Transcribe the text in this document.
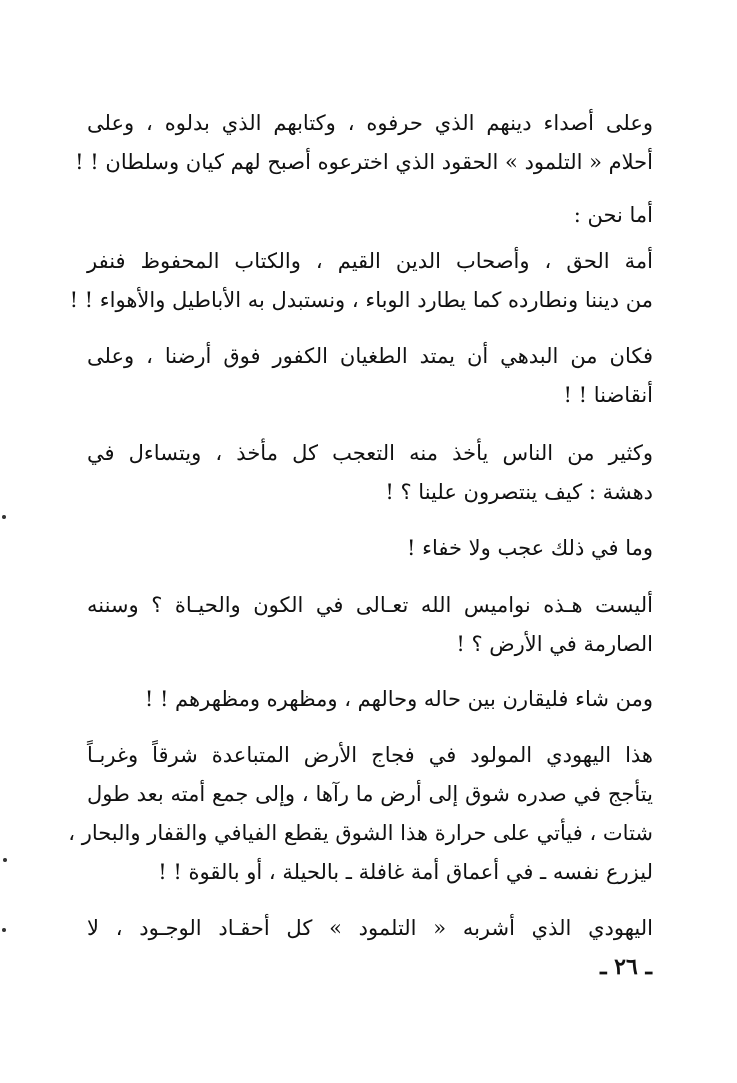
وعلى أصداء دينهم الذي حرفوه ، وكتابهم الذي بدلوه ، وعلى
أحلام « التلمود » الحقود الذي اخترعوه أصبح لهم كيان وسلطان ! !
أما نحن :
أمة الحق ، وأصحاب الدين القيم ، والكتاب المحفوظ فنفر
من ديننا ونطارده كما يطارد الوباء ، ونستبدل به الأباطيل والأهواء ! !
فكان من البدهي أن يمتد الطغيان الكفور فوق أرضنا ، وعلى
أنقاضنا ! !
وكثير من الناس يأخذ منه التعجب كل مأخذ ، ويتساءل في
دهشة : كيف ينتصرون علينا ؟ !
وما في ذلك عجب ولا خفاء !
أليست هـذه نواميس الله تعـالى في الكون والحيـاة ؟ وسننه
الصارمة في الأرض ؟ !
ومن شاء فليقارن بين حاله وحالهم ، ومظهره ومظهرهم ! !
هذا اليهودي المولود في فجاج الأرض المتباعدة شرقاً وغربـاً
يتأجج في صدره شوق إلى أرض ما رآها ، وإلى جمع أمته بعد طول
شتات ، فيأتي على حرارة هذا الشوق يقطع الفيافي والقفار والبحار ،
ليزرع نفسه ـ في أعماق أمة غافلة ـ بالحيلة ، أو بالقوة ! !
اليهودي الذي أشربه « التلمود » كل أحقـاد الوجـود ، لا
ـ ٢٦ ـ
